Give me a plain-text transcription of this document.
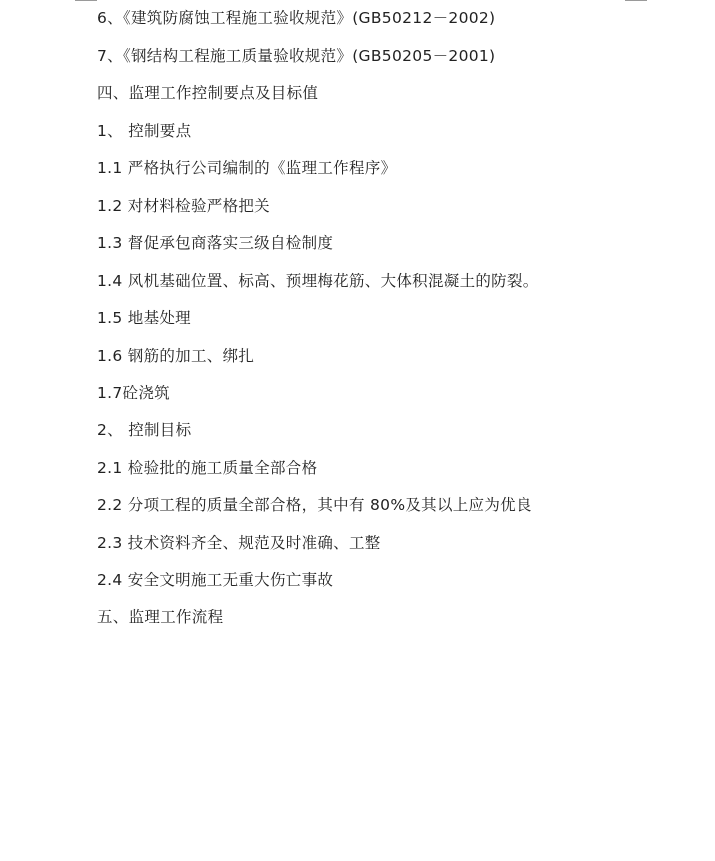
6、《建筑防腐蚀工程施工验收规范》(GB50212－2002)
7、《钢结构工程施工质量验收规范》(GB50205－2001)
四、监理工作控制要点及目标值
1、 控制要点
1.1 严格执行公司编制的《监理工作程序》
1.2 对材料检验严格把关
1.3 督促承包商落实三级自检制度
1.4 风机基础位置、标高、预埋梅花筋、大体积混凝土的防裂。
1.5 地基处理
1.6 钢筋的加工、绑扎
1.7砼浇筑
2、 控制目标
2.1 检验批的施工质量全部合格
2.2 分项工程的质量全部合格，其中有 80%及其以上应为优良
2.3 技术资料齐全、规范及时准确、工整
2.4 安全文明施工无重大伤亡事故
五、监理工作流程
